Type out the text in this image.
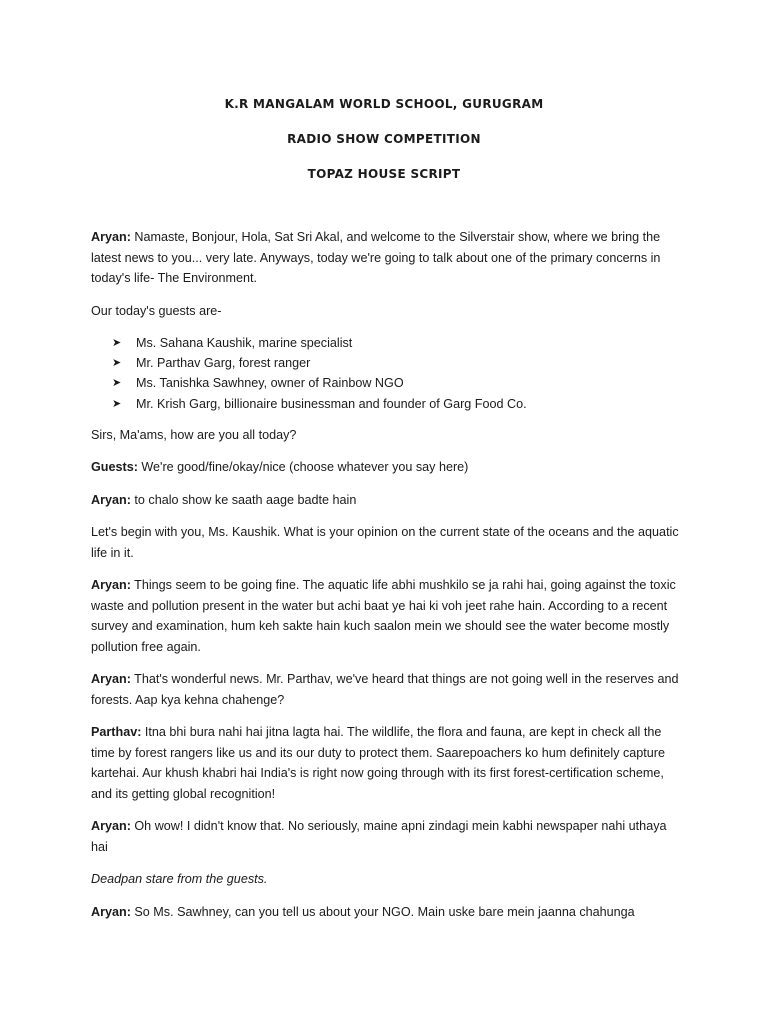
K.R MANGALAM WORLD SCHOOL, GURUGRAM
RADIO SHOW COMPETITION
TOPAZ HOUSE SCRIPT

Aryan: Namaste, Bonjour, Hola, Sat Sri Akal, and welcome to the Silverstair show, where we bring the latest news to you... very late. Anyways, today we're going to talk about one of the primary concerns in today's life- The Environment.

Our today's guests are-

➤ Ms. Sahana Kaushik, marine specialist
➤ Mr. Parthav Garg, forest ranger
➤ Ms. Tanishka Sawhney, owner of Rainbow NGO
➤ Mr. Krish Garg, billionaire businessman and founder of Garg Food Co.

Sirs, Ma'ams, how are you all today?

Guests: We're good/fine/okay/nice (choose whatever you say here)

Aryan: to chalo show ke saath aage badte hain

Let's begin with you, Ms. Kaushik. What is your opinion on the current state of the oceans and the aquatic life in it.

Aryan: Things seem to be going fine. The aquatic life abhi mushkilo se ja rahi hai, going against the toxic waste and pollution present in the water but achi baat ye hai ki voh jeet rahe hain. According to a recent survey and examination, hum keh sakte hain kuch saalon mein we should see the water become mostly pollution free again.

Aryan: That's wonderful news. Mr. Parthav, we've heard that things are not going well in the reserves and forests. Aap kya kehna chahenge?

Parthav: Itna bhi bura nahi hai jitna lagta hai. The wildlife, the flora and fauna, are kept in check all the time by forest rangers like us and its our duty to protect them. Saarepoachers ko hum definitely capture kartehai. Aur khush khabri hai India's is right now going through with its first forest-certification scheme, and its getting global recognition!

Aryan: Oh wow! I didn't know that. No seriously, maine apni zindagi mein kabhi newspaper nahi uthaya hai

Deadpan stare from the guests.

Aryan: So Ms. Sawhney, can you tell us about your NGO. Main uske bare mein jaanna chahunga
